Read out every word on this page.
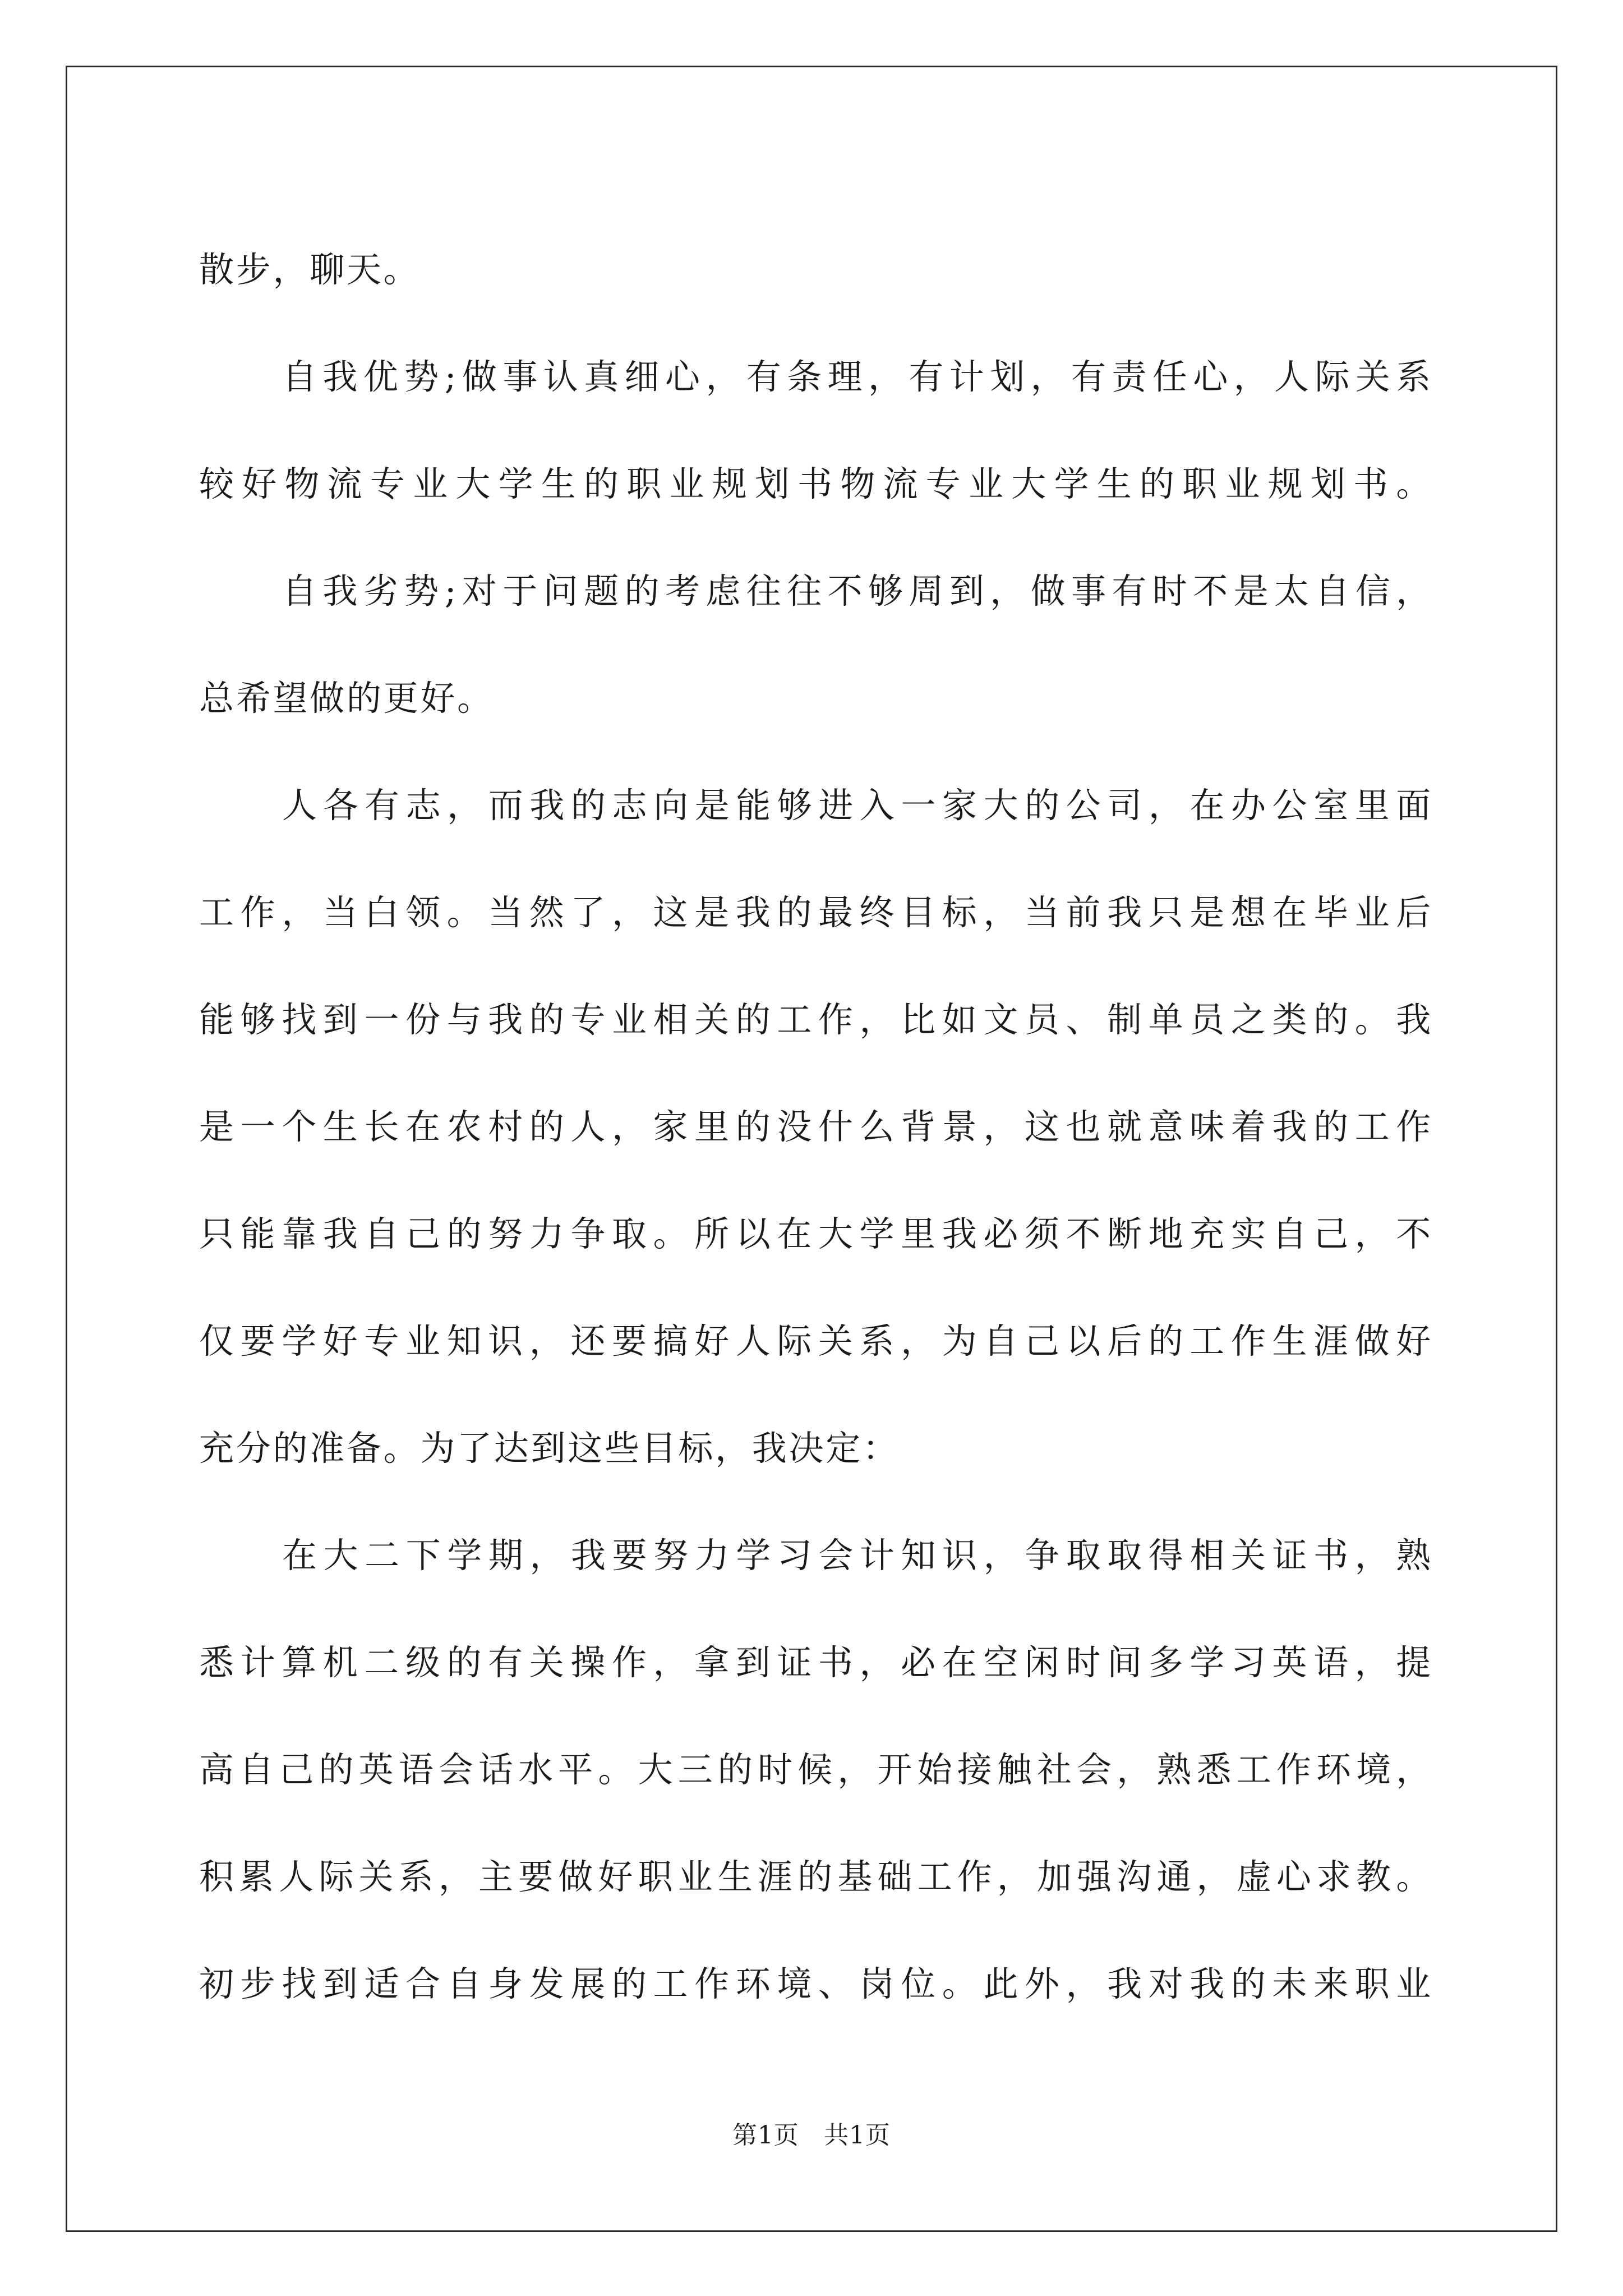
散步，聊天。
自我优势;做事认真细心，有条理，有计划，有责任心，人际关系
较好物流专业大学生的职业规划书物流专业大学生的职业规划书。
自我劣势;对于问题的考虑往往不够周到，做事有时不是太自信，
总希望做的更好。
人各有志，而我的志向是能够进入一家大的公司，在办公室里面
工作，当白领。当然了，这是我的最终目标，当前我只是想在毕业后
能够找到一份与我的专业相关的工作，比如文员、制单员之类的。我
是一个生长在农村的人，家里的没什么背景，这也就意味着我的工作
只能靠我自己的努力争取。所以在大学里我必须不断地充实自己，不
仅要学好专业知识，还要搞好人际关系，为自己以后的工作生涯做好
充分的准备。为了达到这些目标，我决定：
在大二下学期，我要努力学习会计知识，争取取得相关证书，熟
悉计算机二级的有关操作，拿到证书，必在空闲时间多学习英语，提
高自己的英语会话水平。大三的时候，开始接触社会，熟悉工作环境，
积累人际关系，主要做好职业生涯的基础工作，加强沟通，虚心求教。
初步找到适合自身发展的工作环境、岗位。此外，我对我的未来职业
第1页 共1页
